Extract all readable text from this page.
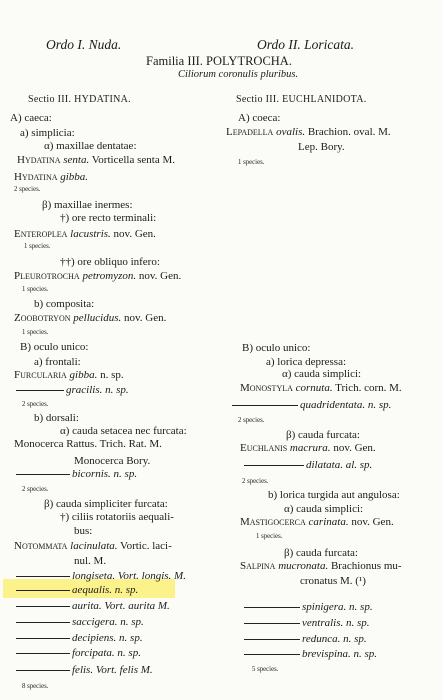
Ordo I. Nuda.	Ordo II. Loricata.
Familia III. POLYTROCHA.
Ciliorum coronulis pluribus.
Sectio III. HYDATINA.
A) caeca:
a) simplicia:
α) maxillae dentatae:
Hydatina senta. Vorticella senta M.
Hydatina gibba.
2 species.
β) maxillae inermes:
†) ore recto terminali:
Enteroplea lacustris. nov. Gen.
1 species.
††) ore obliquo infero:
Pleurotrocha petromyzon. nov. Gen.
1 species.
b) composita:
Zoobotryon pellucidus. nov. Gen.
1 species.
B) oculo unico:
a) frontali:
Furcularia gibba. n. sp.
gracilis. n. sp.
2 species.
b) dorsali:
α) cauda setacea nec furcata:
Monocerca Rattus. Trich. Rat. M.
Monocerca Bory.
bicornis. n. sp.
2 species.
β) cauda simpliciter furcata:
†) ciliis rotatoriis aequali-
bus:
Notommata lacinulata. Vortic. laci-
nul. M.
longiseta. Vort. longis. M.
aequalis. n. sp.
aurita. Vort. aurita M.
saccigera. n. sp.
decipiens. n. sp.
forcipata. n. sp.
felis. Vort. felis M.
8 species.
Sectio III. EUCHLANIDOTA.
A) coeca:
Lepadella ovalis. Brachion. oval. M.
Lep. Bory.
1 species.
B) oculo unico:
a) lorica depressa:
α) cauda simplici:
Monostyla cornuta. Trich. corn. M.
quadridentata. n. sp.
2 species.
β) cauda furcata:
Euchlanis macrura. nov. Gen.
dilatata. al. sp.
2 species.
b) lorica turgida aut angulosa:
α) cauda simplici:
Mastigocerca carinata. nov. Gen.
1 species.
β) cauda furcata:
Salpina mucronata. Brachionus mu-
cronatus M. (¹)
spinigera. n. sp.
ventralis. n. sp.
redunca. n. sp.
brevispina. n. sp.
5 species.
